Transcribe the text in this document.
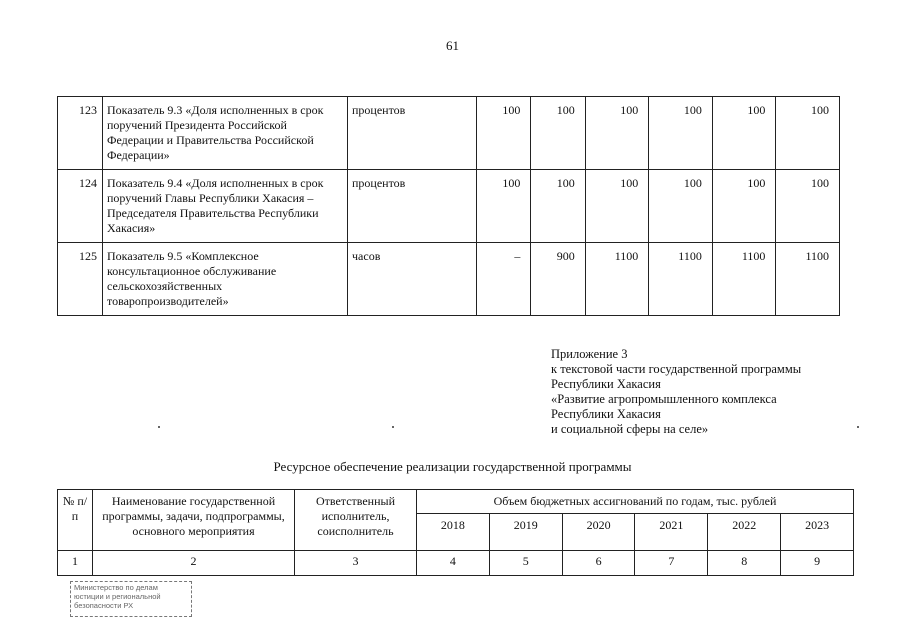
61
123	Показатель 9.3 «Доля исполненных в срок поручений Президента Российской Федерации и Правительства Российской Федерации»	процентов	100	100	100	100	100	100
124	Показатель 9.4 «Доля исполненных в срок поручений Главы Республики Хакасия – Председателя Правительства Республики Хакасия»	процентов	100	100	100	100	100	100
125	Показатель 9.5 «Комплексное консультационное обслуживание сельскохозяйственных товаропроизводителей»	часов	–	900	1100	1100	1100	1100
Приложение 3
к текстовой части государственной программы
Республики Хакасия
«Развитие агропромышленного комплекса
Республики Хакасия
и социальной сферы на селе»
Ресурсное обеспечение реализации государственной программы
№ п/п	Наименование государственной программы, задачи, подпрограммы, основного мероприятия	Ответственный исполнитель, соисполнитель	Объем бюджетных ассигнований по годам, тыс. рублей					
			2018	2019	2020	2021	2022	2023
1	2	3	4	5	6	7	8	9
Министерство по делам
юстиции и региональной
безопасности РХ
